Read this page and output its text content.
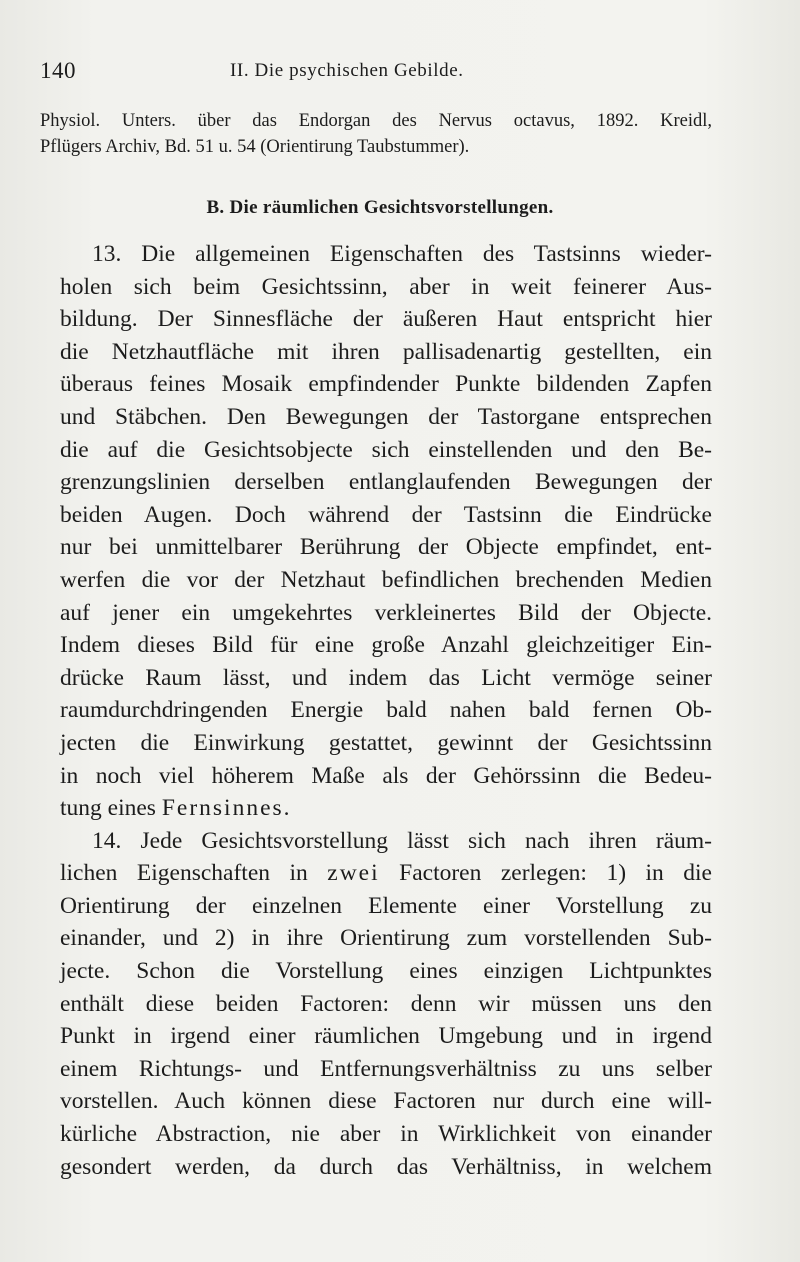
140	II. Die psychischen Gebilde.
Physiol. Unters. über das Endorgan des Nervus octavus, 1892. Kreidl,
Pflügers Archiv, Bd. 51 u. 54 (Orientirung Taubstummer).
B. Die räumlichen Gesichtsvorstellungen.
13. Die allgemeinen Eigenschaften des Tastsinns wieder-
holen sich beim Gesichtssinn, aber in weit feinerer Aus-
bildung. Der Sinnesfläche der äußeren Haut entspricht hier
die Netzhautfläche mit ihren pallisadenartig gestellten, ein
überaus feines Mosaik empfindender Punkte bildenden Zapfen
und Stäbchen. Den Bewegungen der Tastorgane entsprechen
die auf die Gesichtsobjecte sich einstellenden und den Be-
grenzungslinien derselben entlanglaufenden Bewegungen der
beiden Augen. Doch während der Tastsinn die Eindrücke
nur bei unmittelbarer Berührung der Objecte empfindet, ent-
werfen die vor der Netzhaut befindlichen brechenden Medien
auf jener ein umgekehrtes verkleinertes Bild der Objecte.
Indem dieses Bild für eine große Anzahl gleichzeitiger Ein-
drücke Raum lässt, und indem das Licht vermöge seiner
raumdurchdringenden Energie bald nahen bald fernen Ob-
jecten die Einwirkung gestattet, gewinnt der Gesichtssinn
in noch viel höherem Maße als der Gehörssinn die Bedeu-
tung eines Fernsinnes.
14. Jede Gesichtsvorstellung lässt sich nach ihren räum-
lichen Eigenschaften in zwei Factoren zerlegen: 1) in die
Orientirung der einzelnen Elemente einer Vorstellung zu
einander, und 2) in ihre Orientirung zum vorstellenden Sub-
jecte. Schon die Vorstellung eines einzigen Lichtpunktes
enthält diese beiden Factoren: denn wir müssen uns den
Punkt in irgend einer räumlichen Umgebung und in irgend
einem Richtungs- und Entfernungsverhältniss zu uns selber
vorstellen. Auch können diese Factoren nur durch eine will-
kürliche Abstraction, nie aber in Wirklichkeit von einander
gesondert werden, da durch das Verhältniss, in welchem
